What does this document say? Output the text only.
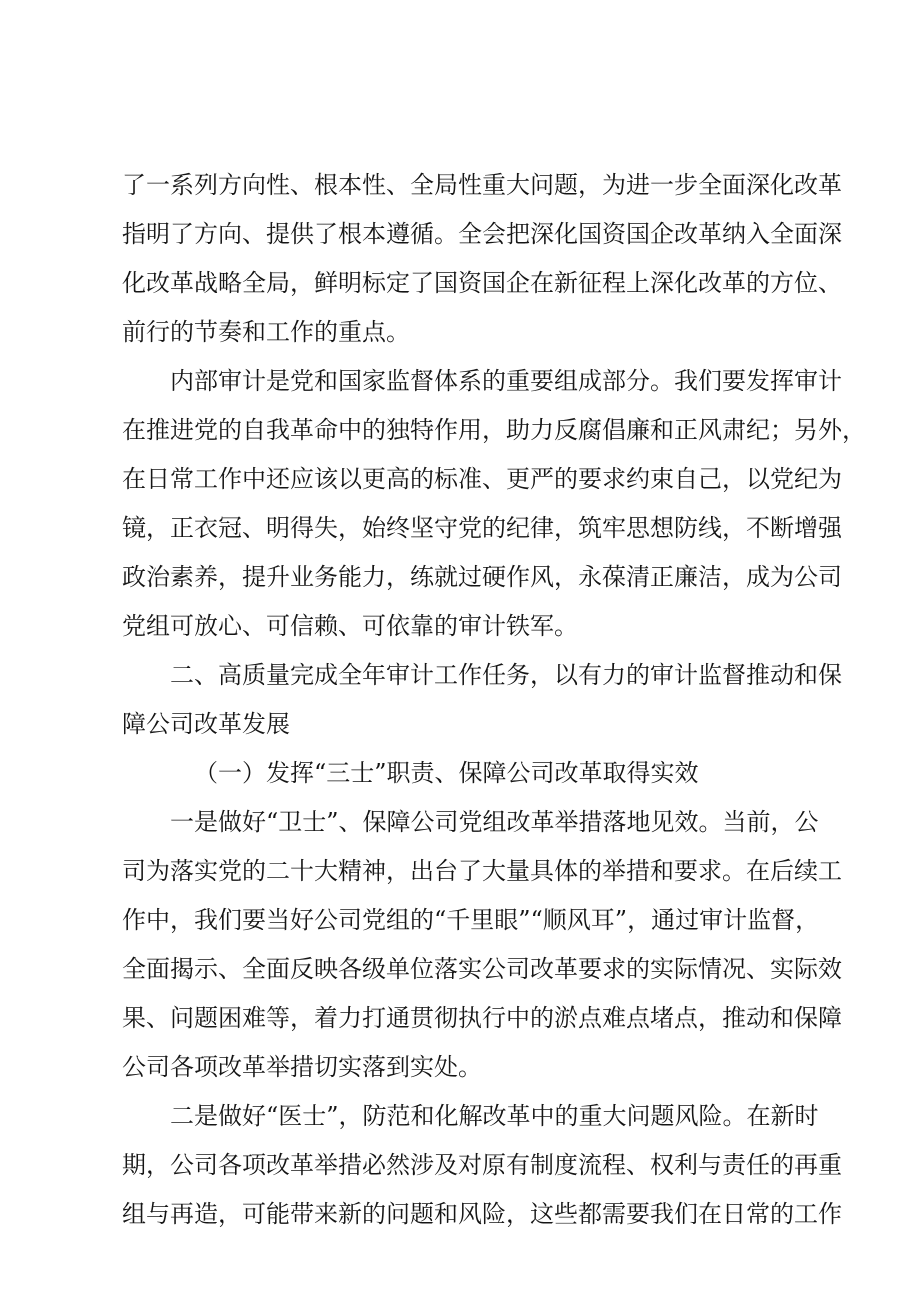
了一系列方向性、根本性、全局性重大问题，为进一步全面深化改革
指明了方向、提供了根本遵循。全会把深化国资国企改革纳入全面深
化改革战略全局，鲜明标定了国资国企在新征程上深化改革的方位、
前行的节奏和工作的重点。
内部审计是党和国家监督体系的重要组成部分。我们要发挥审计
在推进党的自我革命中的独特作用，助力反腐倡廉和正风肃纪；另外，
在日常工作中还应该以更高的标准、更严的要求约束自己，以党纪为
镜，正衣冠、明得失，始终坚守党的纪律，筑牢思想防线，不断增强
政治素养，提升业务能力，练就过硬作风，永葆清正廉洁，成为公司
党组可放心、可信赖、可依靠的审计铁军。
二、高质量完成全年审计工作任务，以有力的审计监督推动和保
障公司改革发展
（一）发挥“三士”职责、保障公司改革取得实效
一是做好“卫士”、保障公司党组改革举措落地见效。当前，公
司为落实党的二十大精神，出台了大量具体的举措和要求。在后续工
作中，我们要当好公司党组的“千里眼”“顺风耳”，通过审计监督，
全面揭示、全面反映各级单位落实公司改革要求的实际情况、实际效
果、问题困难等，着力打通贯彻执行中的淤点难点堵点，推动和保障
公司各项改革举措切实落到实处。
二是做好“医士”，防范和化解改革中的重大问题风险。在新时
期，公司各项改革举措必然涉及对原有制度流程、权利与责任的再重
组与再造，可能带来新的问题和风险，这些都需要我们在日常的工作
